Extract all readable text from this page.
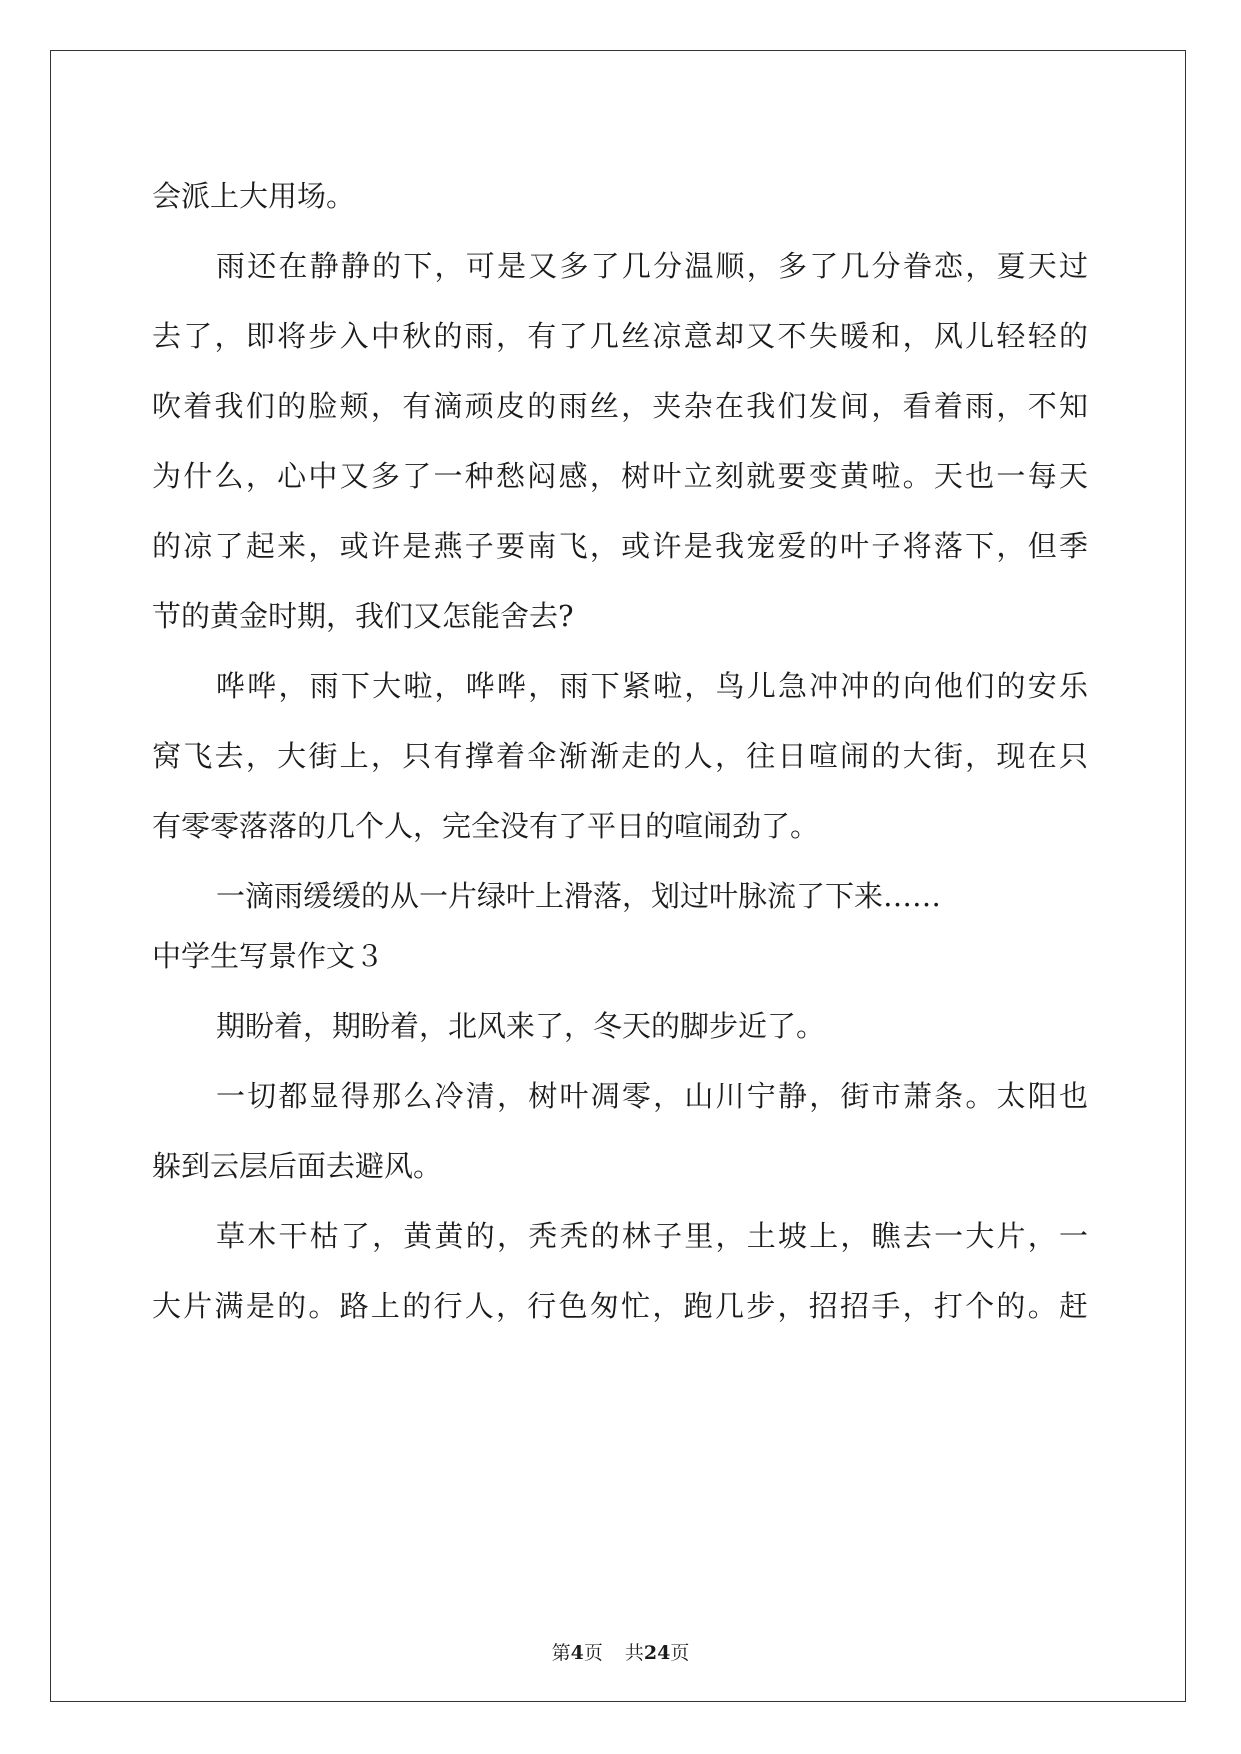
会派上大用场。
雨还在静静的下，可是又多了几分温顺，多了几分眷恋，夏天过
去了，即将步入中秋的雨，有了几丝凉意却又不失暖和，风儿轻轻的
吹着我们的脸颊，有滴顽皮的雨丝，夹杂在我们发间，看着雨，不知
为什么，心中又多了一种愁闷感，树叶立刻就要变黄啦。天也一每天
的凉了起来，或许是燕子要南飞，或许是我宠爱的叶子将落下，但季
节的黄金时期，我们又怎能舍去?
哗哗，雨下大啦，哗哗，雨下紧啦，鸟儿急冲冲的向他们的安乐
窝飞去，大街上，只有撑着伞渐渐走的人，往日喧闹的大街，现在只
有零零落落的几个人，完全没有了平日的喧闹劲了。
一滴雨缓缓的从一片绿叶上滑落，划过叶脉流了下来……
中学生写景作文３
期盼着，期盼着，北风来了，冬天的脚步近了。
一切都显得那么冷清，树叶凋零，山川宁静，街市萧条。太阳也
躲到云层后面去避风。
草木干枯了，黄黄的，秃秃的林子里，土坡上，瞧去一大片，一
大片满是的。路上的行人，行色匆忙，跑几步，招招手，打个的。赶
第4页 共24页
